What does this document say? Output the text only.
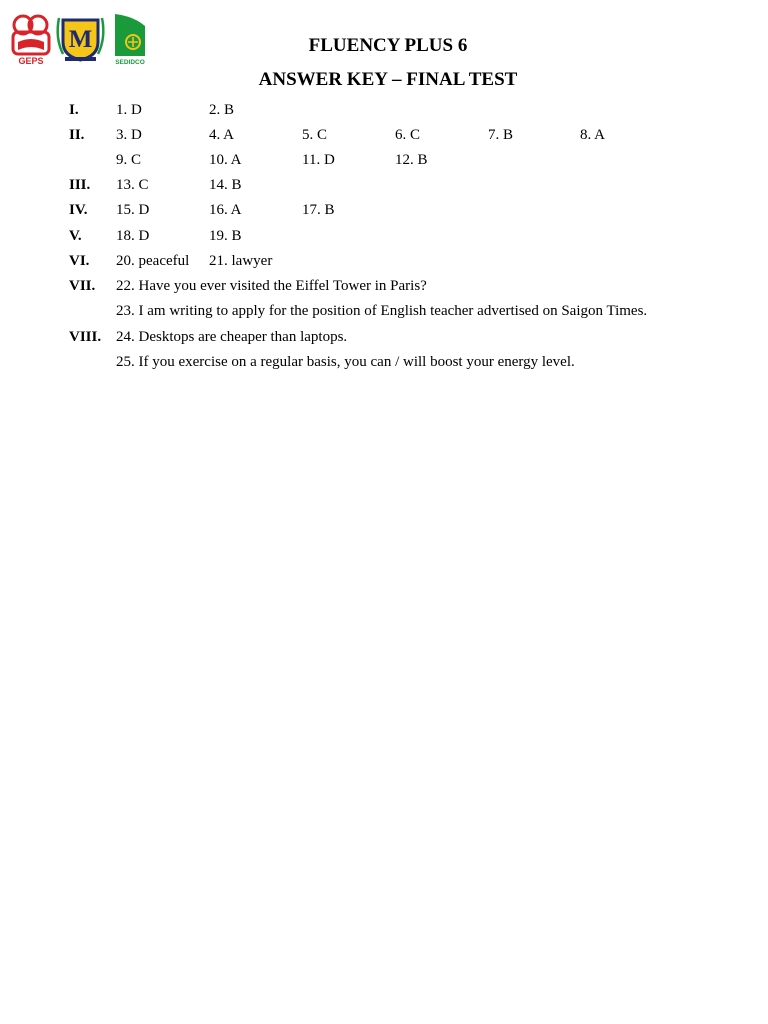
GEPS
M
SEDIDCO
FLUENCY PLUS 6
ANSWER KEY – FINAL TEST
I. 1. D	2. B
II. 3. D	4. A	5. C	6. C	7. B	8. A
9. C	10. A	11. D	12. B
III. 13. C	14. B
IV. 15. D	16. A	17. B
V. 18. D	19. B
VI. 20. peaceful 21. lawyer
VII. 22. Have you ever visited the Eiffel Tower in Paris?
23. I am writing to apply for the position of English teacher advertised on Saigon Times.
VIII. 24. Desktops are cheaper than laptops.
25. If you exercise on a regular basis, you can / will boost your energy level.
